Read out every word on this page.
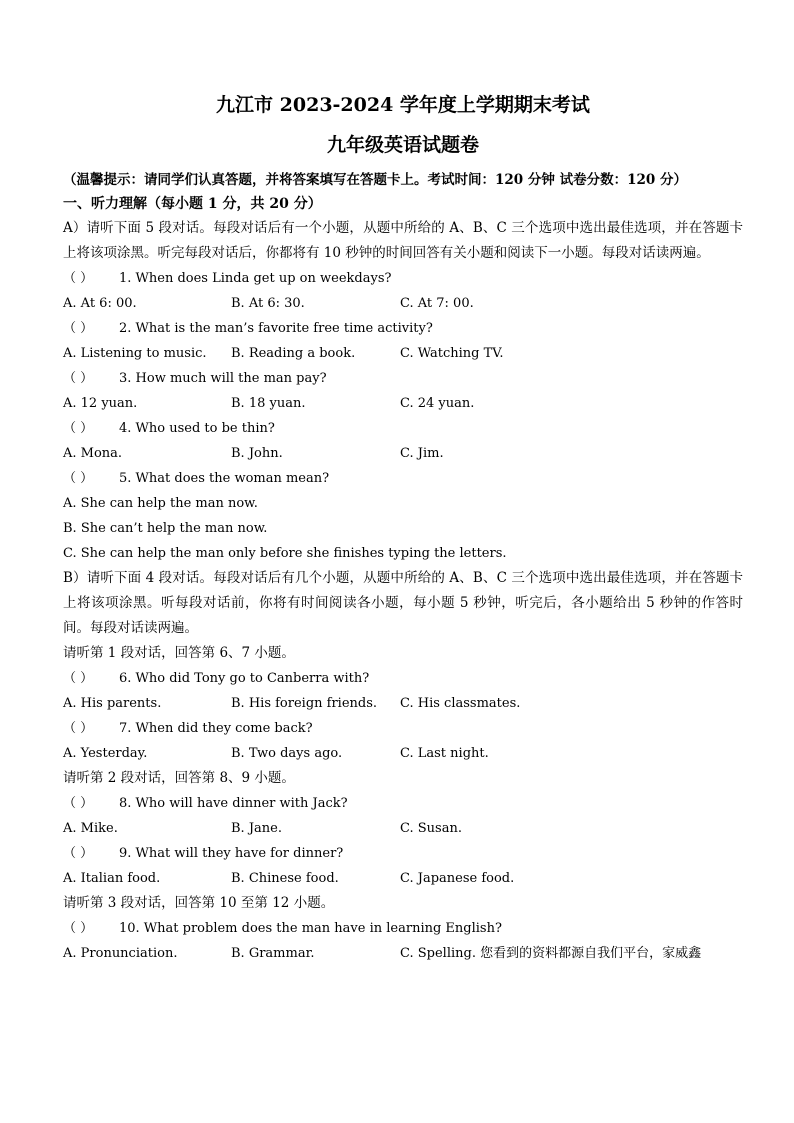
九江市 2023-2024 学年度上学期期末考试
九年级英语试题卷
（温馨提示：请同学们认真答题，并将答案填写在答题卡上。考试时间：120 分钟 试卷分数：120 分）
一、听力理解（每小题 1 分，共 20 分）
A）请听下面 5 段对话。每段对话后有一个小题，从题中所给的 A、B、C 三个选项中选出最佳选项，并在答题卡上将该项涂黑。听完每段对话后，你都将有 10 秒钟的时间回答有关小题和阅读下一小题。每段对话读两遍。
（ ） 1. When does Linda get up on weekdays?
A. At 6: 00.	B. At 6: 30.	C. At 7: 00.
（ ） 2. What is the man’s favorite free time activity?
A. Listening to music.	B. Reading a book.	C. Watching TV.
（ ） 3. How much will the man pay?
A. 12 yuan.	B. 18 yuan.	C. 24 yuan.
（ ） 4. Who used to be thin?
A. Mona.	B. John.	C. Jim.
（ ） 5. What does the woman mean?
A. She can help the man now.
B. She can’t help the man now.
C. She can help the man only before she finishes typing the letters.
B）请听下面 4 段对话。每段对话后有几个小题，从题中所给的 A、B、C 三个选项中选出最佳选项，并在答题卡上将该项涂黑。听每段对话前，你将有时间阅读各小题，每小题 5 秒钟，听完后，各小题给出 5 秒钟的作答时间。每段对话读两遍。
请听第 1 段对话，回答第 6、7 小题。
（ ） 6. Who did Tony go to Canberra with?
A. His parents.	B. His foreign friends.	C. His classmates.
（ ） 7. When did they come back?
A. Yesterday.	B. Two days ago.	C. Last night.
请听第 2 段对话，回答第 8、9 小题。
（ ） 8. Who will have dinner with Jack?
A. Mike.	B. Jane.	C. Susan.
（ ） 9. What will they have for dinner?
A. Italian food.	B. Chinese food.	C. Japanese food.
请听第 3 段对话，回答第 10 至第 12 小题。
（ ） 10. What problem does the man have in learning English?
A. Pronunciation.	B. Grammar.	C. Spelling. 您看到的资料都源自我们平台，家威鑫
